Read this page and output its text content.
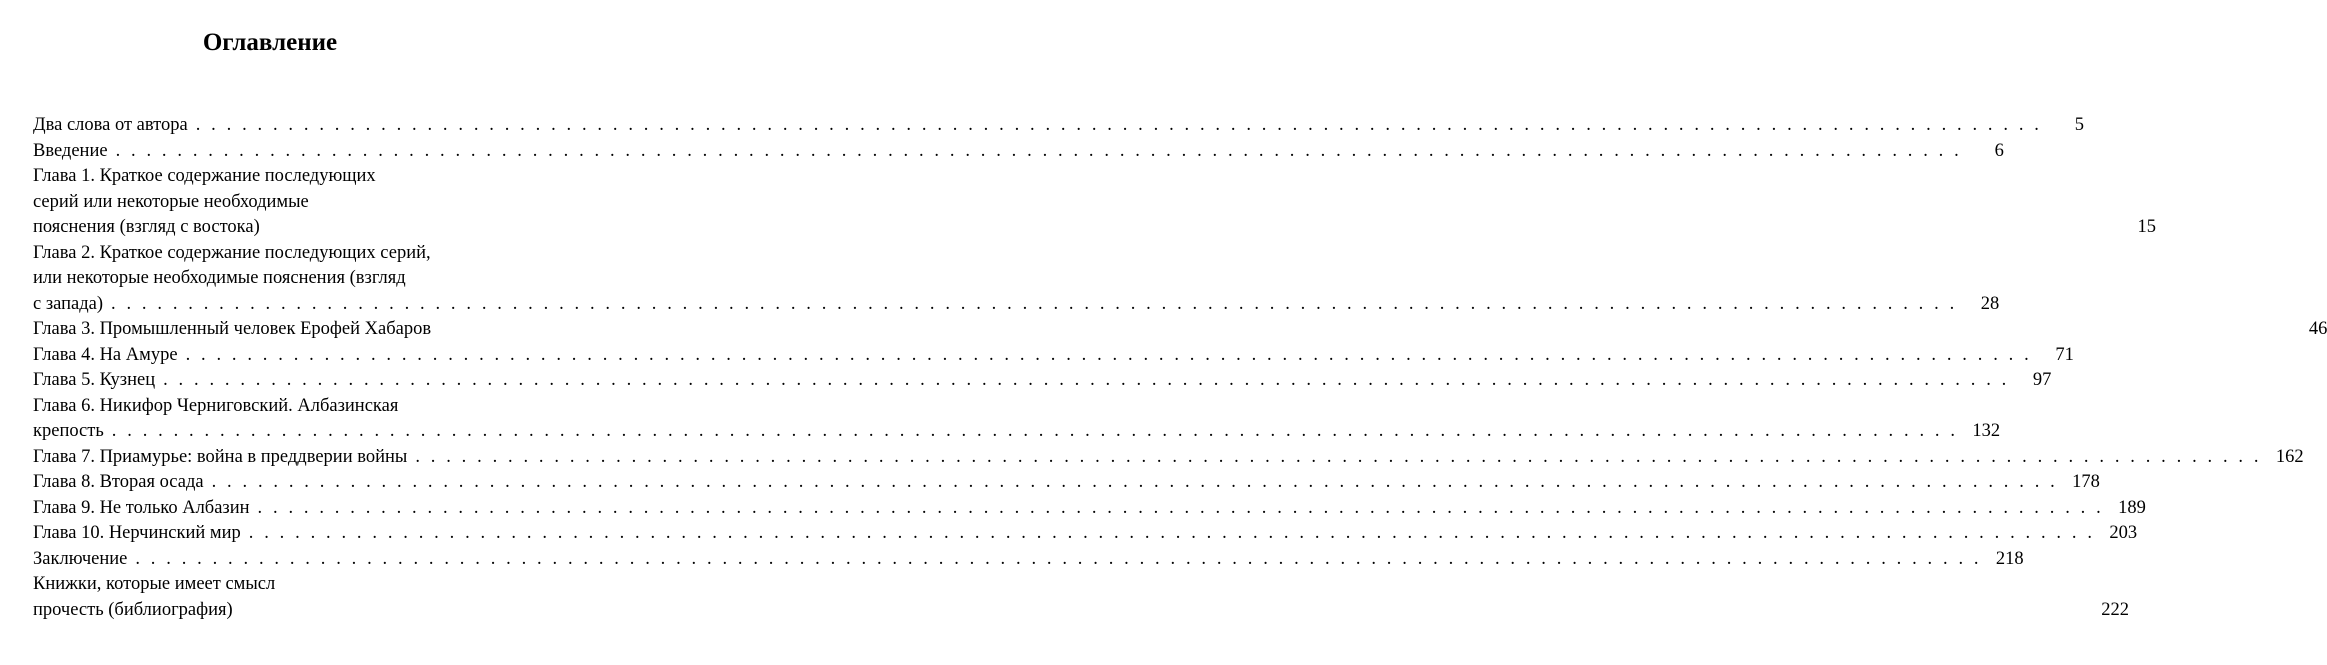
Оглавление
Два слова от автора . . . . . . . . . . . . . . . . . . . . . . . . . . . . . . . . . . . . . . . . . . . . . . . . . . . . . . . . . . . . . . . . . . . . . . . . . . . . . . . . . . . . . . . . . . . . . . . . . . . . . . . . . . . . . . . . . . . . . . . .	5
Введение . . . . . . . . . . . . . . . . . . . . . . . . . . . . . . . . . . . . . . . . . . . . . . . . . . . . . . . . . . . . . . . . . . . . . . . . . . . . . . . . . . . . . . . . . . . . . . . . . . . . . . . . . . . . . . . . . . . . . . . .	6
Глава 1. Краткое содержание последующих
серий или некоторые необходимые
пояснения (взгляд с востока)	15
Глава 2. Краткое содержание последующих серий,
или некоторые необходимые пояснения (взгляд
с запада) . . . . . . . . . . . . . . . . . . . . . . . . . . . . . . . . . . . . . . . . . . . . . . . . . . . . . . . . . . . . . . . . . . . . . . . . . . . . . . . . . . . . . . . . . . . . . . . . . . . . . . . . . . . . . . . . . . . . . . . .	28
Глава 3. Промышленный человек Ерофей Хабаров	46
Глава 4. На Амуре . . . . . . . . . . . . . . . . . . . . . . . . . . . . . . . . . . . . . . . . . . . . . . . . . . . . . . . . . . . . . . . . . . . . . . . . . . . . . . . . . . . . . . . . . . . . . . . . . . . . . . . . . . . . . . . . . . . . . . . .	71
Глава 5. Кузнец . . . . . . . . . . . . . . . . . . . . . . . . . . . . . . . . . . . . . . . . . . . . . . . . . . . . . . . . . . . . . . . . . . . . . . . . . . . . . . . . . . . . . . . . . . . . . . . . . . . . . . . . . . . . . . . . . . . . . . . .	97
Глава 6. Никифор Черниговский. Албазинская
крепость . . . . . . . . . . . . . . . . . . . . . . . . . . . . . . . . . . . . . . . . . . . . . . . . . . . . . . . . . . . . . . . . . . . . . . . . . . . . . . . . . . . . . . . . . . . . . . . . . . . . . . . . . . . . . . . . . . . . . . . . 132
Глава 7. Приамурье: война в преддверии войны . . . . . . . . . . . . . . . . . . . . . . . . . . . . . . . . . . . . . . . . . . . . . . . . . . . . . . . . . . . . . . . . . . . . . . . . . . . . . . . . . . . . . . . . . . . . . . . . . . . . . . . . . . . . . . . . . . . . . . . . 162
Глава 8. Вторая осада . . . . . . . . . . . . . . . . . . . . . . . . . . . . . . . . . . . . . . . . . . . . . . . . . . . . . . . . . . . . . . . . . . . . . . . . . . . . . . . . . . . . . . . . . . . . . . . . . . . . . . . . . . . . . . . . . . . . . . . . 178
Глава 9. Не только Албазин . . . . . . . . . . . . . . . . . . . . . . . . . . . . . . . . . . . . . . . . . . . . . . . . . . . . . . . . . . . . . . . . . . . . . . . . . . . . . . . . . . . . . . . . . . . . . . . . . . . . . . . . . . . . . . . . . . . . . . . . 189
Глава 10. Нерчинский мир . . . . . . . . . . . . . . . . . . . . . . . . . . . . . . . . . . . . . . . . . . . . . . . . . . . . . . . . . . . . . . . . . . . . . . . . . . . . . . . . . . . . . . . . . . . . . . . . . . . . . . . . . . . . . . . . . . . . . . . . 203
Заключение . . . . . . . . . . . . . . . . . . . . . . . . . . . . . . . . . . . . . . . . . . . . . . . . . . . . . . . . . . . . . . . . . . . . . . . . . . . . . . . . . . . . . . . . . . . . . . . . . . . . . . . . . . . . . . . . . . . . . . . . 218
Книжки, которые имеет смысл
прочесть (библиография)	222
